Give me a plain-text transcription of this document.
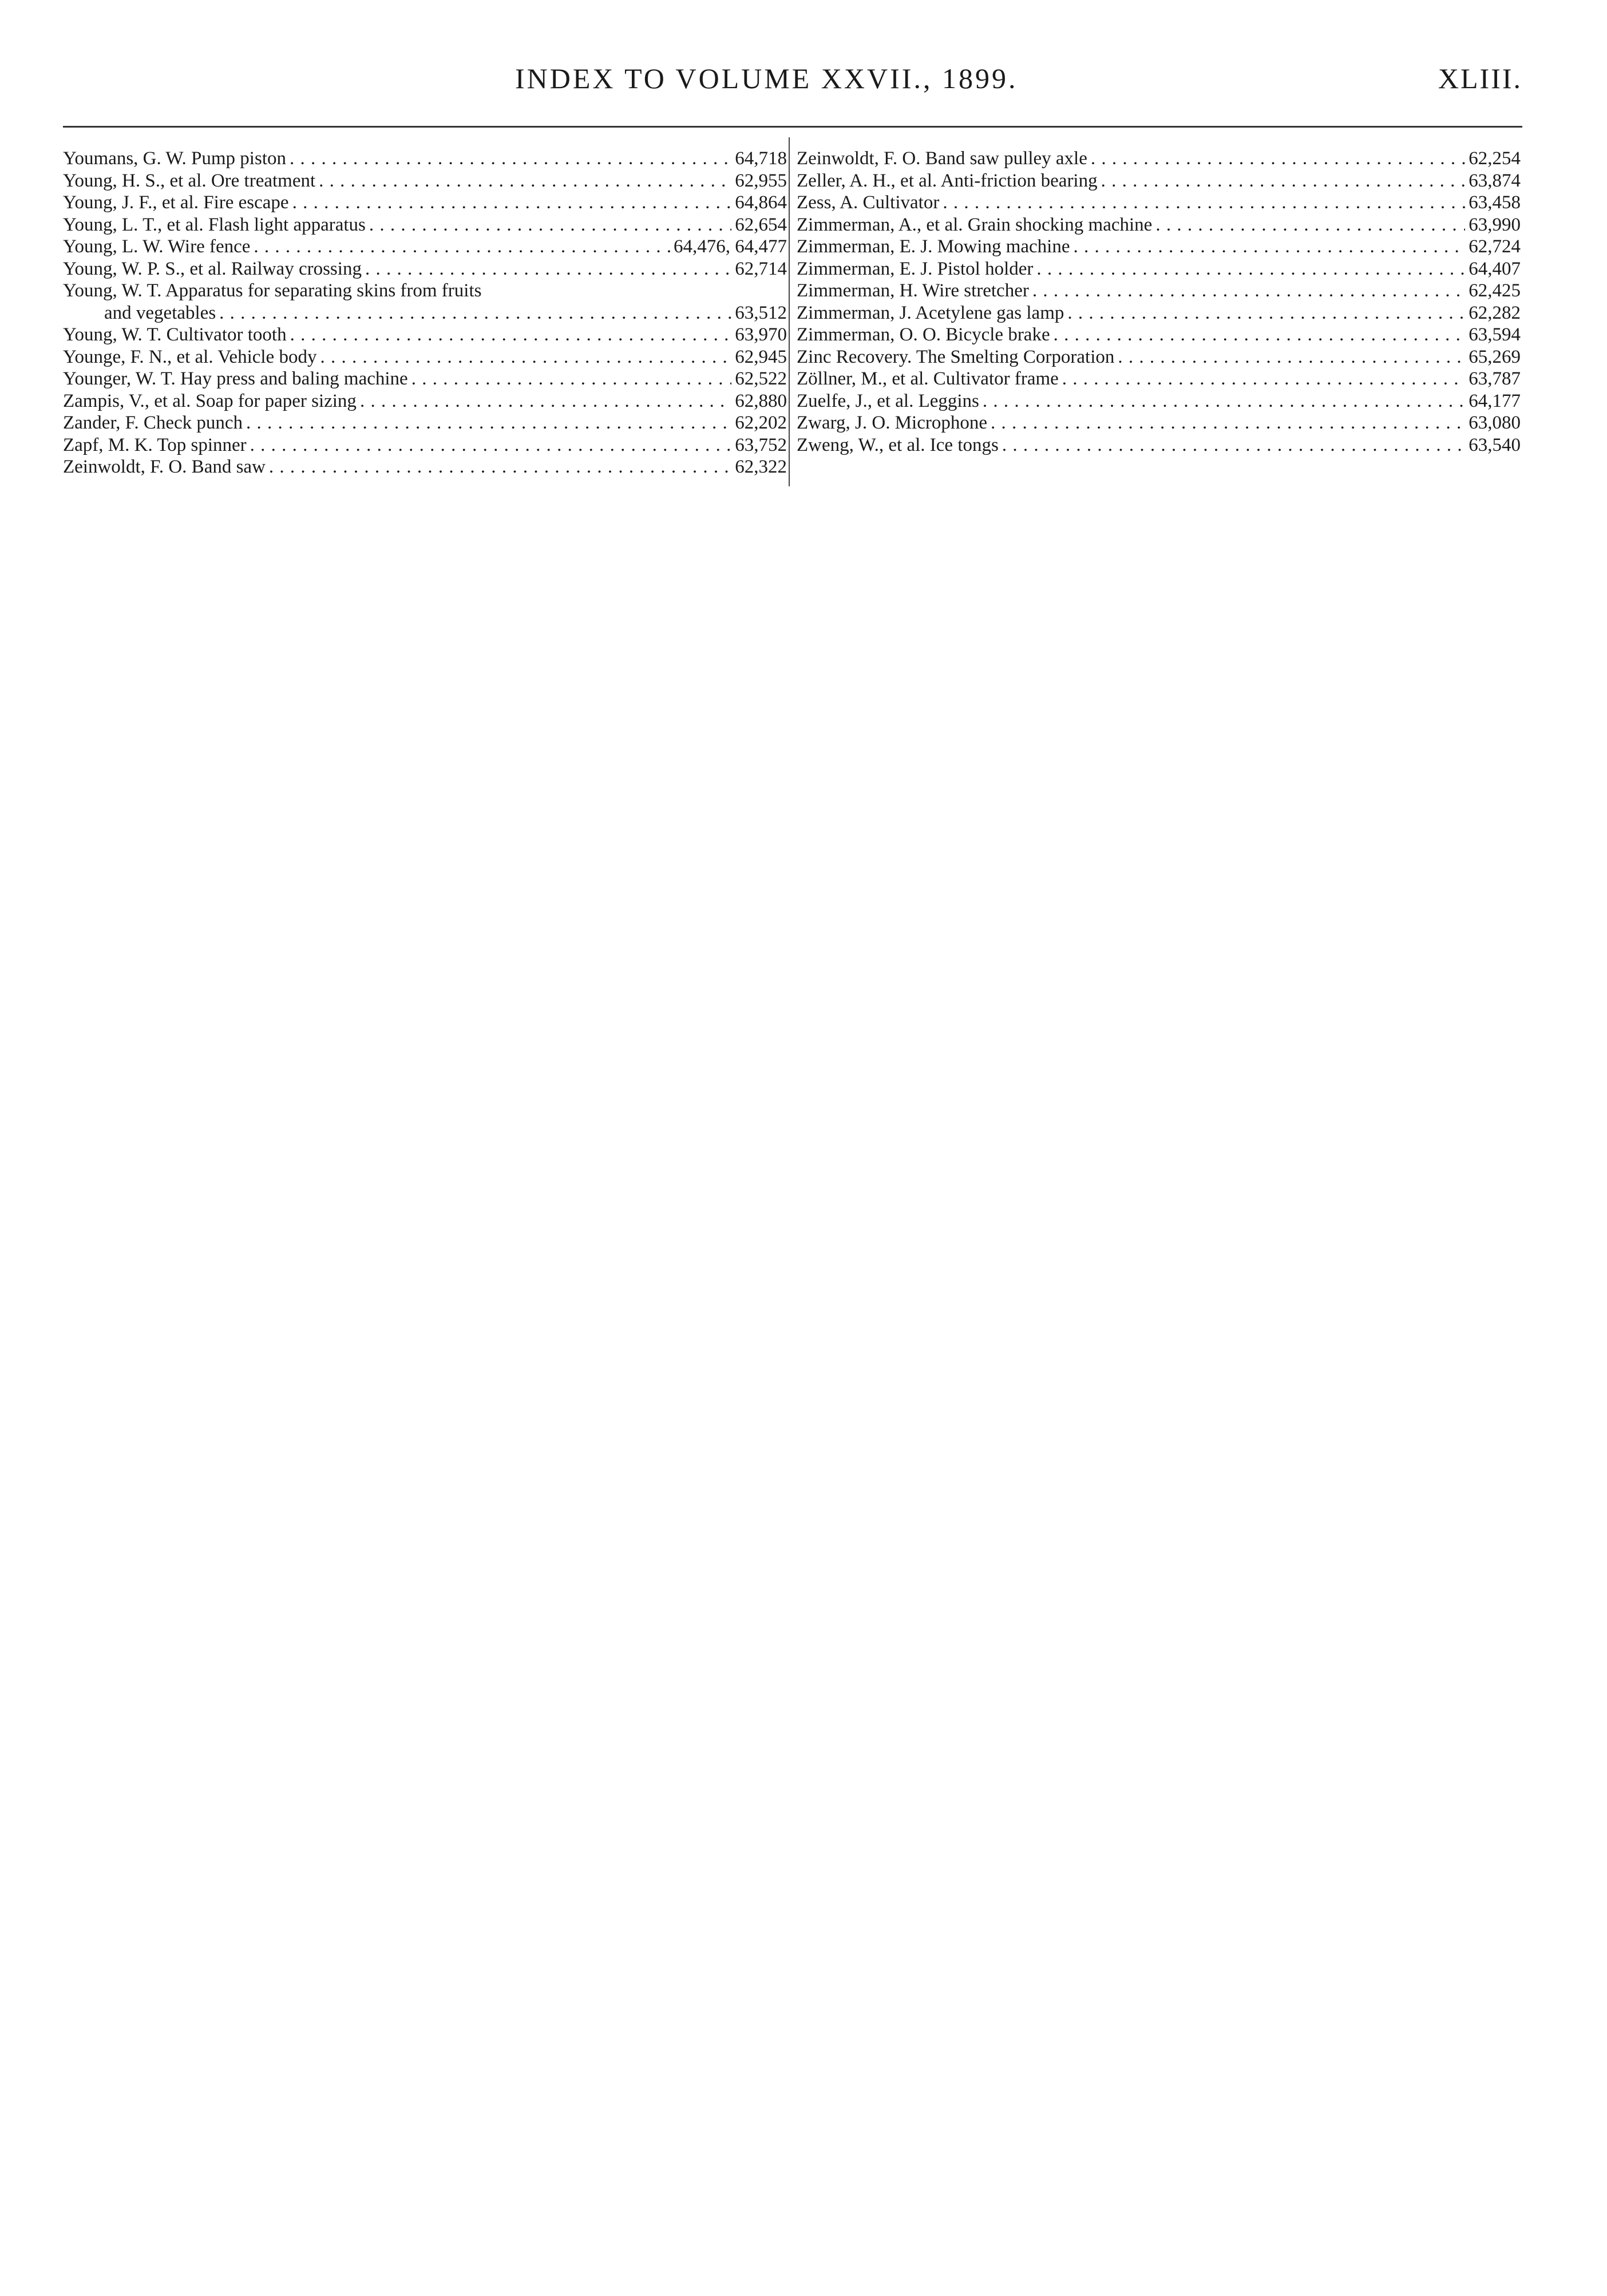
INDEX TO VOLUME XXVII., 1899.	XLIII.
Youmans, G. W. Pump piston . . .	64,718
Young, H. S., et al. Ore treatment . . .	62,955
Young, J. F., et al. Fire escape . . .	64,864
Young, L. T., et al. Flash light apparatus . . .	62,654
Young, L. W. Wire fence . . .	64,476, 64,477
Young, W. P. S., et al. Railway crossing . . .	62,714
Young, W. T. Apparatus for separating skins from fruits
and vegetables . . .	63,512
Young, W. T. Cultivator tooth . . .	63,970
Younge, F. N., et al. Vehicle body . . .	62,945
Younger, W. T. Hay press and baling machine . . .	62,522
Zampis, V., et al. Soap for paper sizing . . .	62,880
Zander, F. Check punch . . .	62,202
Zapf, M. K. Top spinner . . .	63,752
Zeinwoldt, F. O. Band saw . . .	62,322
Zeinwoldt, F. O. Band saw pulley axle . . .	62,254
Zeller, A. H., et al. Anti-friction bearing . . .	63,874
Zess, A. Cultivator . . .	63,458
Zimmerman, A., et al. Grain shocking machine . . .	63,990
Zimmerman, E. J. Mowing machine . . .	62,724
Zimmerman, E. J. Pistol holder . . .	64,407
Zimmerman, H. Wire stretcher . . .	62,425
Zimmerman, J. Acetylene gas lamp . . .	62,282
Zimmerman, O. O. Bicycle brake . . .	63,594
Zinc Recovery. The Smelting Corporation . . .	65,269
Zöllner, M., et al. Cultivator frame . . .	63,787
Zuelfe, J., et al. Leggins . . .	64,177
Zwarg, J. O. Microphone . . .	63,080
Zweng, W., et al. Ice tongs . . .	63,540
